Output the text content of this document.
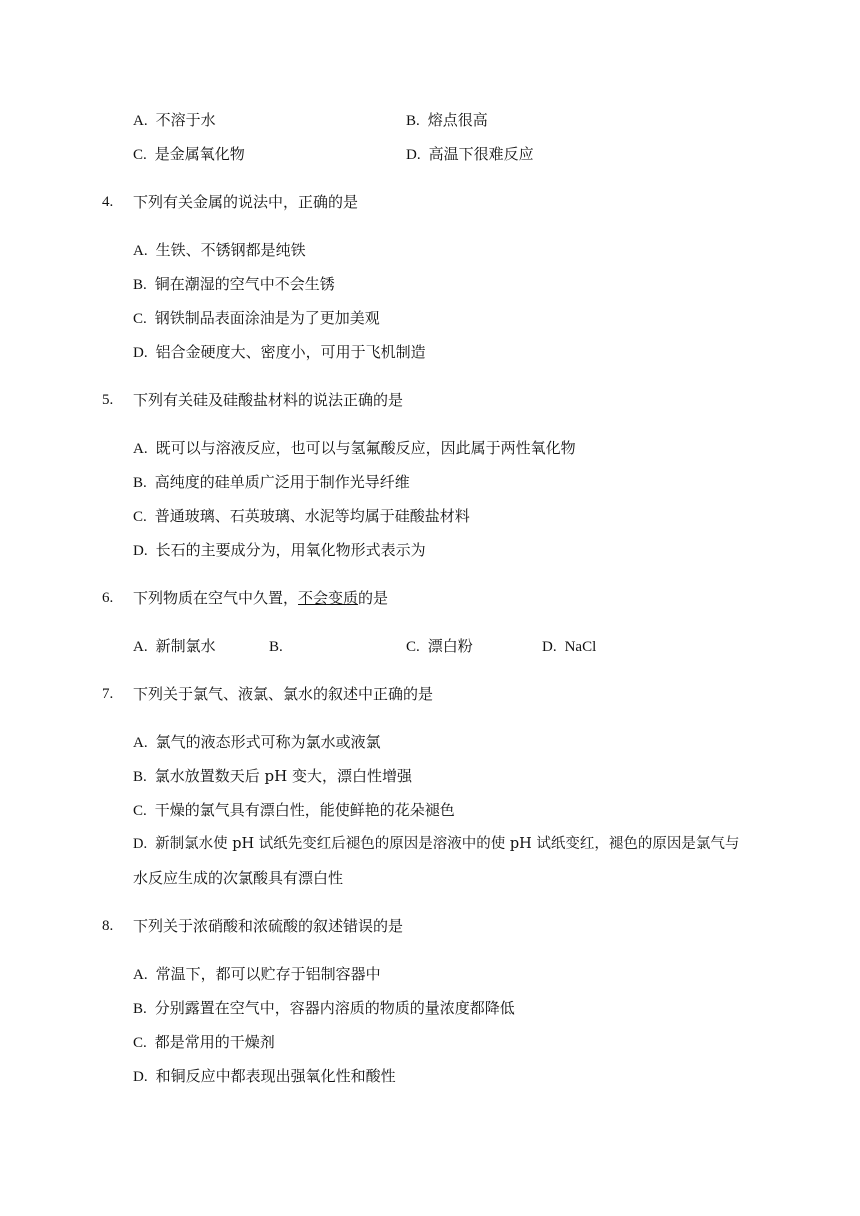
A. 不溶于水	B. 熔点很高
C. 是金属氧化物	D. 高温下很难反应
4. 下列有关金属的说法中，正确的是
A. 生铁、不锈钢都是纯铁
B. 铜在潮湿的空气中不会生锈
C. 钢铁制品表面涂油是为了更加美观
D. 铝合金硬度大、密度小，可用于飞机制造
5. 下列有关硅及硅酸盐材料的说法正确的是
A. 既可以与溶液反应，也可以与氢氟酸反应，因此属于两性氧化物
B. 高纯度的硅单质广泛用于制作光导纤维
C. 普通玻璃、石英玻璃、水泥等均属于硅酸盐材料
D. 长石的主要成分为，用氧化物形式表示为
6. 下列物质在空气中久置，不会变质的是
A. 新制氯水	B.	C. 漂白粉	D. NaCl
7. 下列关于氯气、液氯、氯水的叙述中正确的是
A. 氯气的液态形式可称为氯水或液氯
B. 氯水放置数天后 pH 变大，漂白性增强
C. 干燥的氯气具有漂白性，能使鲜艳的花朵褪色
D. 新制氯水使 pH 试纸先变红后褪色的原因是溶液中的使 pH 试纸变红，褪色的原因是氯气与
水反应生成的次氯酸具有漂白性
8. 下列关于浓硝酸和浓硫酸的叙述错误的是
A. 常温下，都可以贮存于铝制容器中
B. 分别露置在空气中，容器内溶质的物质的量浓度都降低
C. 都是常用的干燥剂
D. 和铜反应中都表现出强氧化性和酸性
